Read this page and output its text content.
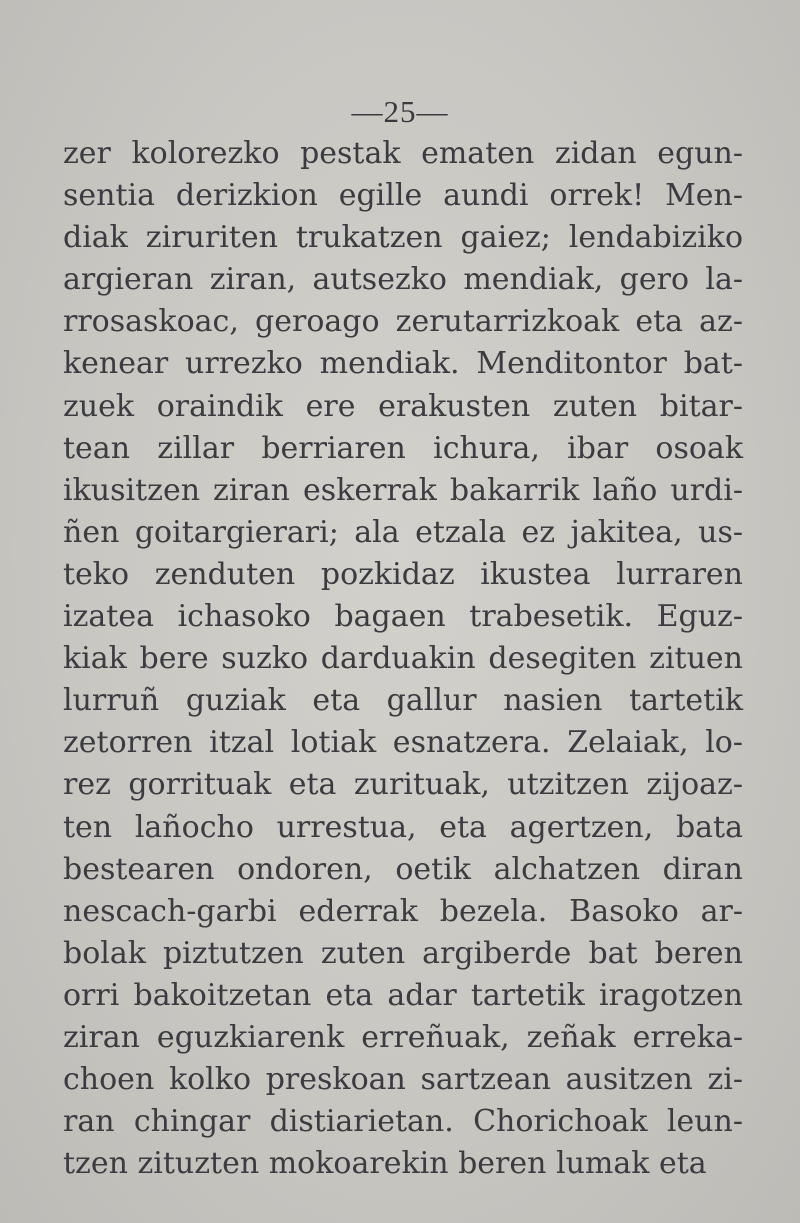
—25—
zer kolorezko pestak ematen zidan egun-
sentia derizkion egille aundi orrek! Men-
diak ziruriten trukatzen gaiez; lendabiziko
argieran ziran, autsezko mendiak, gero la-
rrosaskoac, geroago zerutarrizkoak eta az-
kenear urrezko mendiak. Menditontor bat-
zuek oraindik ere erakusten zuten bitar-
tean zillar berriaren ichura, ibar osoak
ikusitzen ziran eskerrak bakarrik laño urdi-
ñen goitargierari; ala etzala ez jakitea, us-
teko zenduten pozkidaz ikustea lurraren
izatea ichasoko bagaen trabesetik. Eguz-
kiak bere suzko darduakin desegiten zituen
lurruñ guziak eta gallur nasien tartetik
zetorren itzal lotiak esnatzera. Zelaiak, lo-
rez gorrituak eta zurituak, utzitzen zijoaz-
ten lañocho urrestua, eta agertzen, bata
bestearen ondoren, oetik alchatzen diran
nescach-garbi ederrak bezela. Basoko ar-
bolak piztutzen zuten argiberde bat beren
orri bakoitzetan eta adar tartetik iragotzen
ziran eguzkiarenk erreñuak, zeñak erreka-
choen kolko preskoan sartzean ausitzen zi-
ran chingar distiarietan. Chorichoak leun-
tzen zituzten mokoarekin beren lumak eta
